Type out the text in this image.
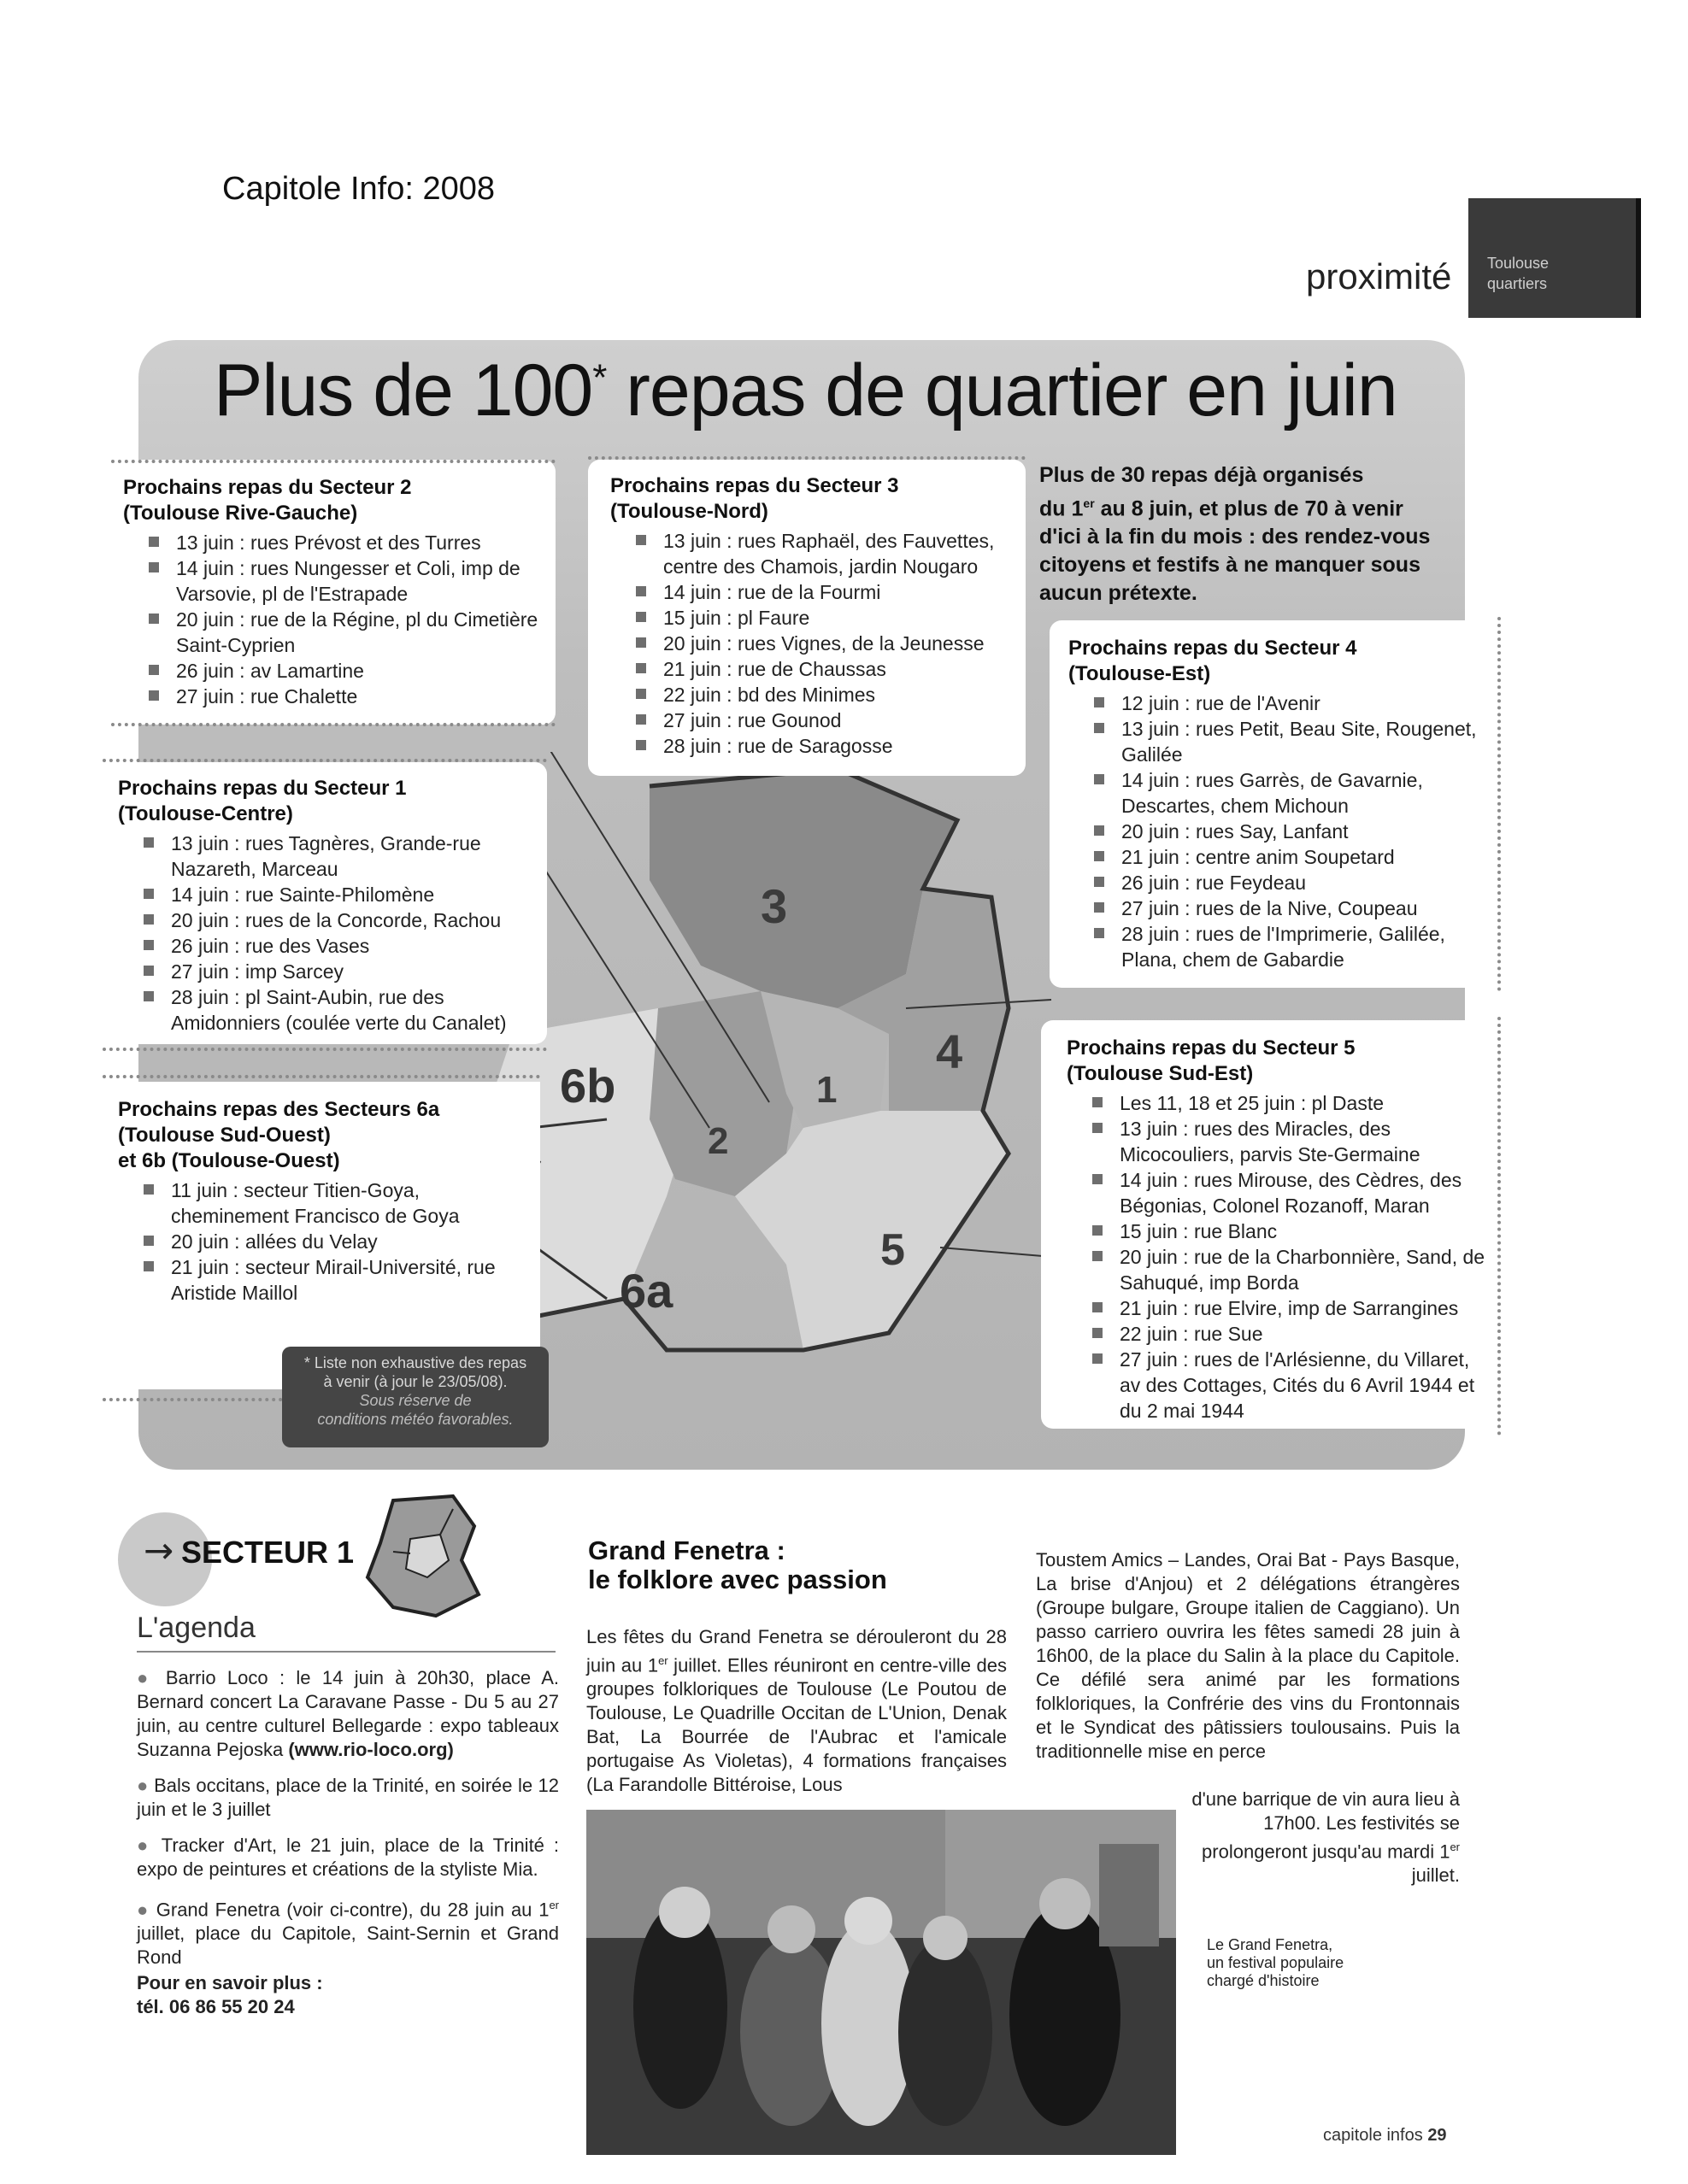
Capitole Info: 2008
proximité Toulouse
quartiers
1
2
3
4
5
6a
6b
Plus de 100* repas de quartier en juin
Plus de 30 repas déjà organisés
du 1er au 8 juin, et plus de 70 à venir
d'ici à la fin du mois : des rendez-vous
citoyens et festifs à ne manquer sous
aucun prétexte.
Prochains repas du Secteur 2
(Toulouse Rive-Gauche)
13 juin : rues Prévost et des Turres
14 juin : rues Nungesser et Coli, imp de Varsovie, pl de l'Estrapade
20 juin : rue de la Régine, pl du Cimetière Saint-Cyprien
26 juin : av Lamartine
27 juin : rue Chalette
Prochains repas du Secteur 3
(Toulouse-Nord)
13 juin : rues Raphaël, des Fauvettes, centre des Chamois, jardin Nougaro
14 juin : rue de la Fourmi
15 juin : pl Faure
20 juin : rues Vignes, de la Jeunesse
21 juin : rue de Chaussas
22 juin : bd des Minimes
27 juin : rue Gounod
28 juin : rue de Saragosse
Prochains repas du Secteur 1
(Toulouse-Centre)
13 juin : rues Tagnères, Grande-rue Nazareth, Marceau
14 juin : rue Sainte-Philomène
20 juin : rues de la Concorde, Rachou
26 juin : rue des Vases
27 juin : imp Sarcey
28 juin : pl Saint-Aubin, rue des Amidonniers (coulée verte du Canalet)
Prochains repas des Secteurs 6a
(Toulouse Sud-Ouest)
et 6b (Toulouse-Ouest)
11 juin : secteur Titien-Goya, cheminement Francisco de Goya
20 juin : allées du Velay
21 juin : secteur Mirail-Université, rue Aristide Maillol
Prochains repas du Secteur 4
(Toulouse-Est)
12 juin : rue de l'Avenir
13 juin : rues Petit, Beau Site, Rougenet, Galilée
14 juin : rues Garrès, de Gavarnie, Descartes, chem Michoun
20 juin : rues Say, Lanfant
21 juin : centre anim Soupetard
26 juin : rue Feydeau
27 juin : rues de la Nive, Coupeau
28 juin : rues de l'Imprimerie, Galilée, Plana, chem de Gabardie
Prochains repas du Secteur 5
(Toulouse Sud-Est)
Les 11, 18 et 25 juin : pl Daste
13 juin : rues des Miracles, des Micocouliers, parvis Ste-Germaine
14 juin : rues Mirouse, des Cèdres, des Bégonias, Colonel Rozanoff, Maran
15 juin : rue Blanc
20 juin : rue de la Charbonnière, Sand, de Sahuqué, imp Borda
21 juin : rue Elvire, imp de Sarrangines
22 juin : rue Sue
27 juin : rues de l'Arlésienne, du Villaret, av des Cottages, Cités du 6 Avril 1944 et du 2 mai 1944
* Liste non exhaustive des repas
à venir (à jour le 23/05/08).
Sous réserve de
conditions météo favorables.
→ SECTEUR 1
L'agenda

● Barrio Loco : le 14 juin à 20h30, place A. Bernard concert La Caravane Passe - Du 5 au 27 juin, au centre culturel Bellegarde : expo tableaux Suzanna Pejoska (www.rio-loco.org)

● Bals occitans, place de la Trinité, en soirée le 12 juin et le 3 juillet

● Tracker d'Art, le 21 juin, place de la Trinité : expo de peintures et créations de la styliste Mia.

● Grand Fenetra (voir ci-contre), du 28 juin au 1er juillet, place du Capitole, Saint-Sernin et Grand Rond

Pour en savoir plus :
tél. 06 86 55 20 24
Grand Fenetra :
le folklore avec passion
Les fêtes du Grand Fenetra se dérouleront du 28 juin au 1er juillet. Elles réuniront en centre-ville des groupes folkloriques de Toulouse (Le Poutou de Toulouse, Le Quadrille Occitan de L'Union, Denak Bat, La Bourrée de l'Aubrac et l'amicale portugaise As Violetas), 4 formations françaises (La Farandolle Bittéroise, Lous
Toustem Amics – Landes, Orai Bat - Pays Basque, La brise d'Anjou) et 2 délégations étrangères (Groupe bulgare, Groupe italien de Caggiano). Un passo carriero ouvrira les fêtes samedi 28 juin à 16h00, de la place du Salin à la place du Capitole. Ce défilé sera animé par les formations folkloriques, la Confrérie des vins du Frontonnais et le Syndicat des pâtissiers toulousains. Puis la traditionnelle mise en perce
d'une barrique de vin aura lieu à 17h00. Les festivités se prolongeront jusqu'au mardi 1er juillet.
Le Grand Fenetra,
un festival populaire
chargé d'histoire
capitole infos 29
